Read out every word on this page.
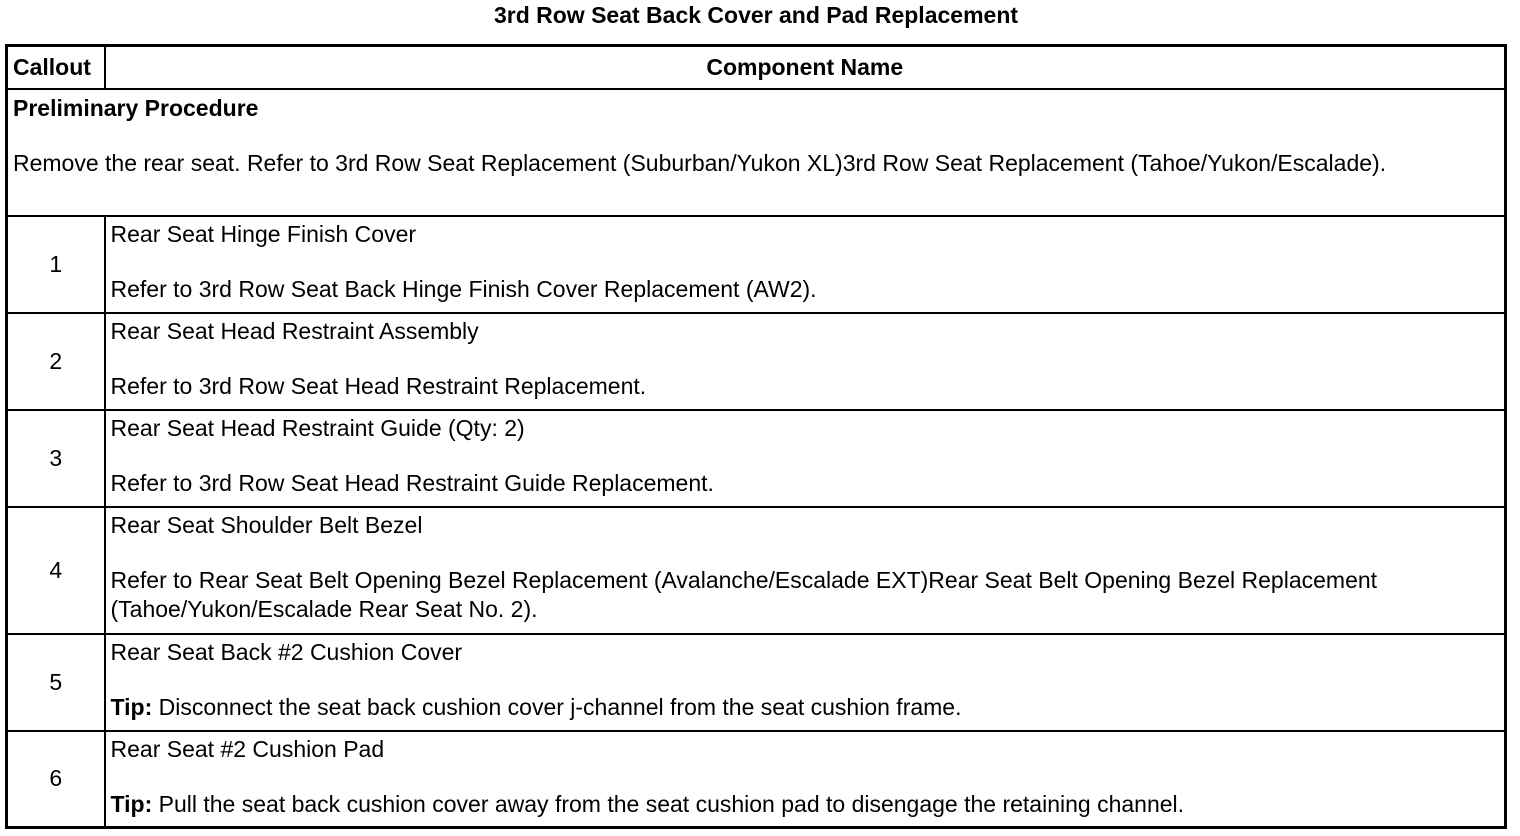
3rd Row Seat Back Cover and Pad Replacement
Callout	Component Name

Preliminary Procedure
Remove the rear seat. Refer to 3rd Row Seat Replacement (Suburban/Yukon XL)3rd Row Seat Replacement (Tahoe/Yukon/Escalade).	

1	Rear Seat Hinge Finish Cover
Refer to 3rd Row Seat Back Hinge Finish Cover Replacement (AW2).

2	Rear Seat Head Restraint Assembly
Refer to 3rd Row Seat Head Restraint Replacement.

3	Rear Seat Head Restraint Guide (Qty: 2)
Refer to 3rd Row Seat Head Restraint Guide Replacement.

4	Rear Seat Shoulder Belt Bezel
Refer to Rear Seat Belt Opening Bezel Replacement (Avalanche/Escalade EXT)Rear Seat Belt Opening Bezel Replacement (Tahoe/Yukon/Escalade Rear Seat No. 2).

5	Rear Seat Back #2 Cushion Cover
Tip: Disconnect the seat back cushion cover j-channel from the seat cushion frame.

6	Rear Seat #2 Cushion Pad
Tip: Pull the seat back cushion cover away from the seat cushion pad to disengage the retaining channel.
